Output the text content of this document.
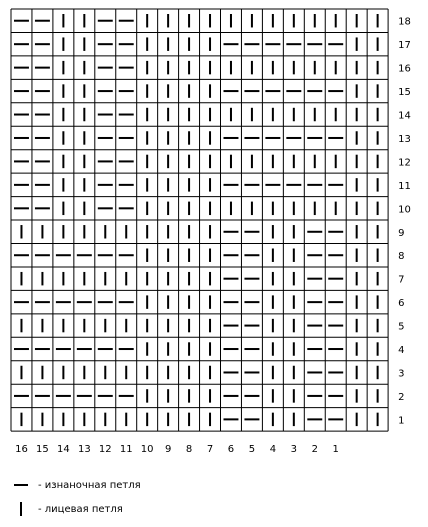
1
2
3
4
5
6
7
8
9
10
11
12
13
14
15
16
17
18
16 15 14 13 12 11 10 9 8 7 6 5 4 3 2 1
- изнаночная петля
- лицевая петля
